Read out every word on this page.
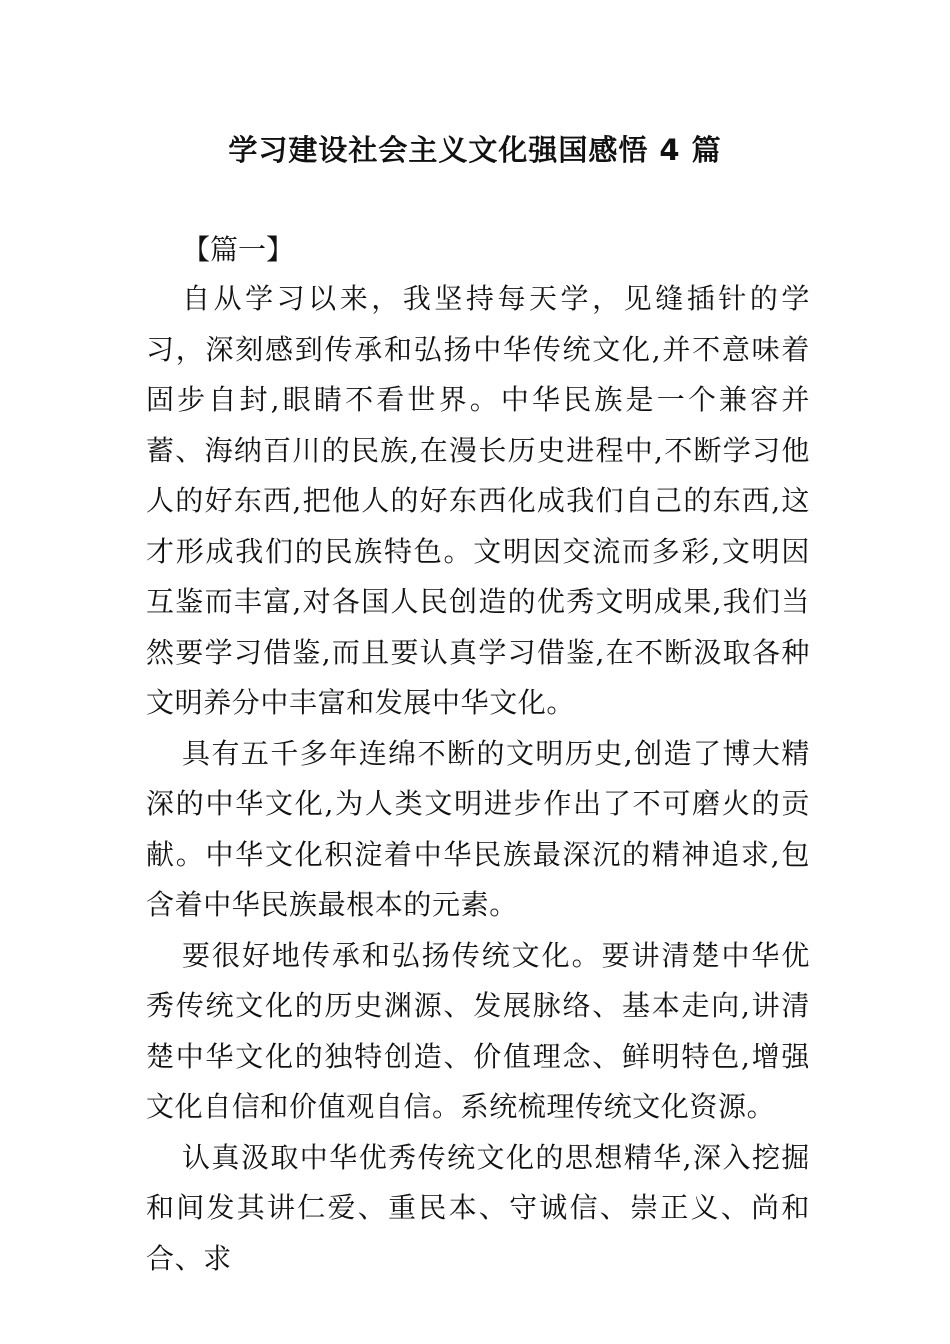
学习建设社会主义文化强国感悟 4 篇

【篇一】

自从学习以来，我坚持每天学，见缝插针的学习，深刻感到传承和弘扬中华传统文化,并不意味着固步自封,眼睛不看世界。中华民族是一个兼容并蓄、海纳百川的民族,在漫长历史进程中,不断学习他人的好东西,把他人的好东西化成我们自己的东西,这才形成我们的民族特色。文明因交流而多彩,文明因互鉴而丰富,对各国人民创造的优秀文明成果,我们当然要学习借鉴,而且要认真学习借鉴,在不断汲取各种文明养分中丰富和发展中华文化。

具有五千多年连绵不断的文明历史,创造了博大精深的中华文化,为人类文明进步作出了不可磨火的贡献。中华文化积淀着中华民族最深沉的精神追求,包含着中华民族最根本的元素。

要很好地传承和弘扬传统文化。要讲清楚中华优秀传统文化的历史渊源、发展脉络、基本走向,讲清楚中华文化的独特创造、价值理念、鲜明特色,增强文化自信和价值观自信。系统梳理传统文化资源。

认真汲取中华优秀传统文化的思想精华,深入挖掘和间发其讲仁爱、重民本、守诚信、崇正义、尚和合、求
